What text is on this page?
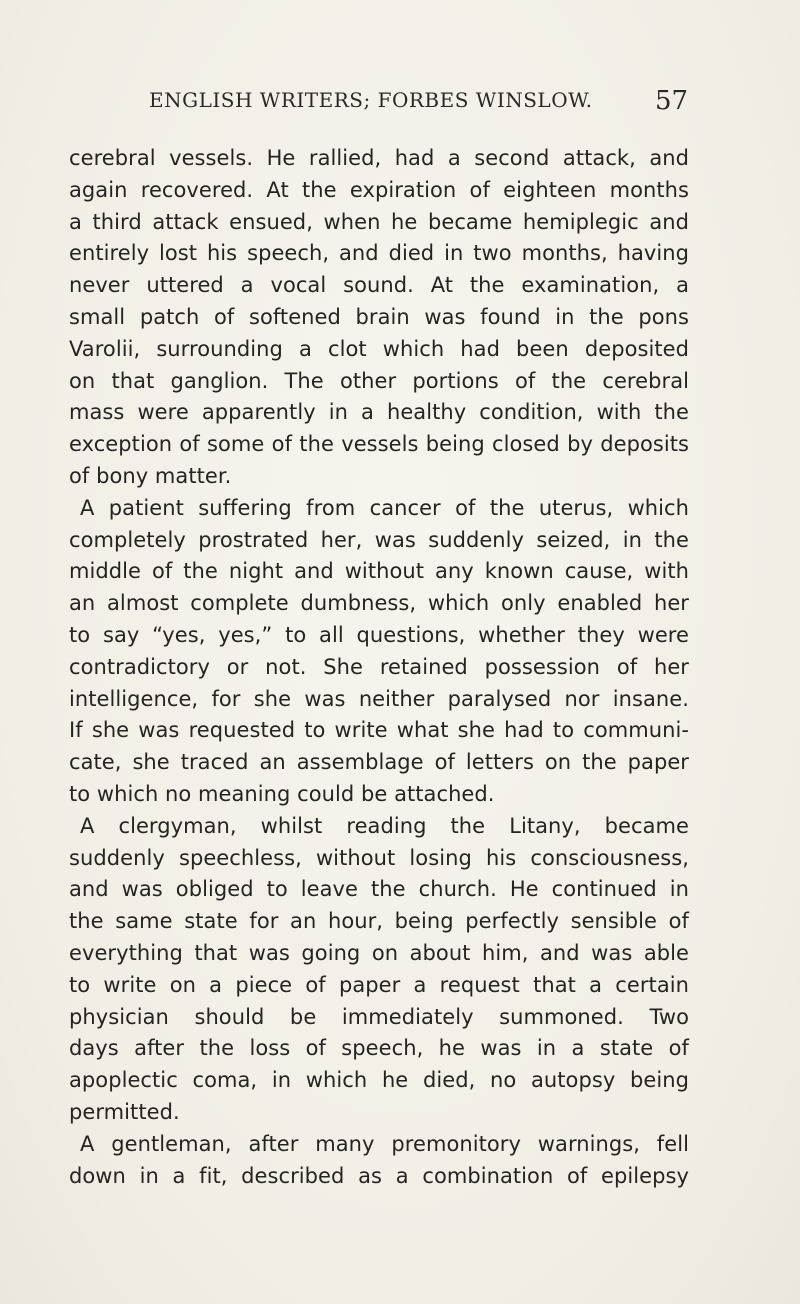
ENGLISH WRITERS; FORBES WINSLOW. 57
cerebral vessels. He rallied, had a second attack, and
again recovered. At the expiration of eighteen months
a third attack ensued, when he became hemiplegic and
entirely lost his speech, and died in two months, having
never uttered a vocal sound. At the examination, a
small patch of softened brain was found in the pons
Varolii, surrounding a clot which had been deposited
on that ganglion. The other portions of the cerebral
mass were apparently in a healthy condition, with the
exception of some of the vessels being closed by deposits
of bony matter.
A patient suffering from cancer of the uterus, which
completely prostrated her, was suddenly seized, in the
middle of the night and without any known cause, with
an almost complete dumbness, which only enabled her
to say “yes, yes,” to all questions, whether they were
contradictory or not. She retained possession of her
intelligence, for she was neither paralysed nor insane.
If she was requested to write what she had to communi-
cate, she traced an assemblage of letters on the paper
to which no meaning could be attached.
A clergyman, whilst reading the Litany, became
suddenly speechless, without losing his consciousness,
and was obliged to leave the church. He continued in
the same state for an hour, being perfectly sensible of
everything that was going on about him, and was able
to write on a piece of paper a request that a certain
physician should be immediately summoned. Two
days after the loss of speech, he was in a state of
apoplectic coma, in which he died, no autopsy being
permitted.
A gentleman, after many premonitory warnings, fell
down in a fit, described as a combination of epilepsy
